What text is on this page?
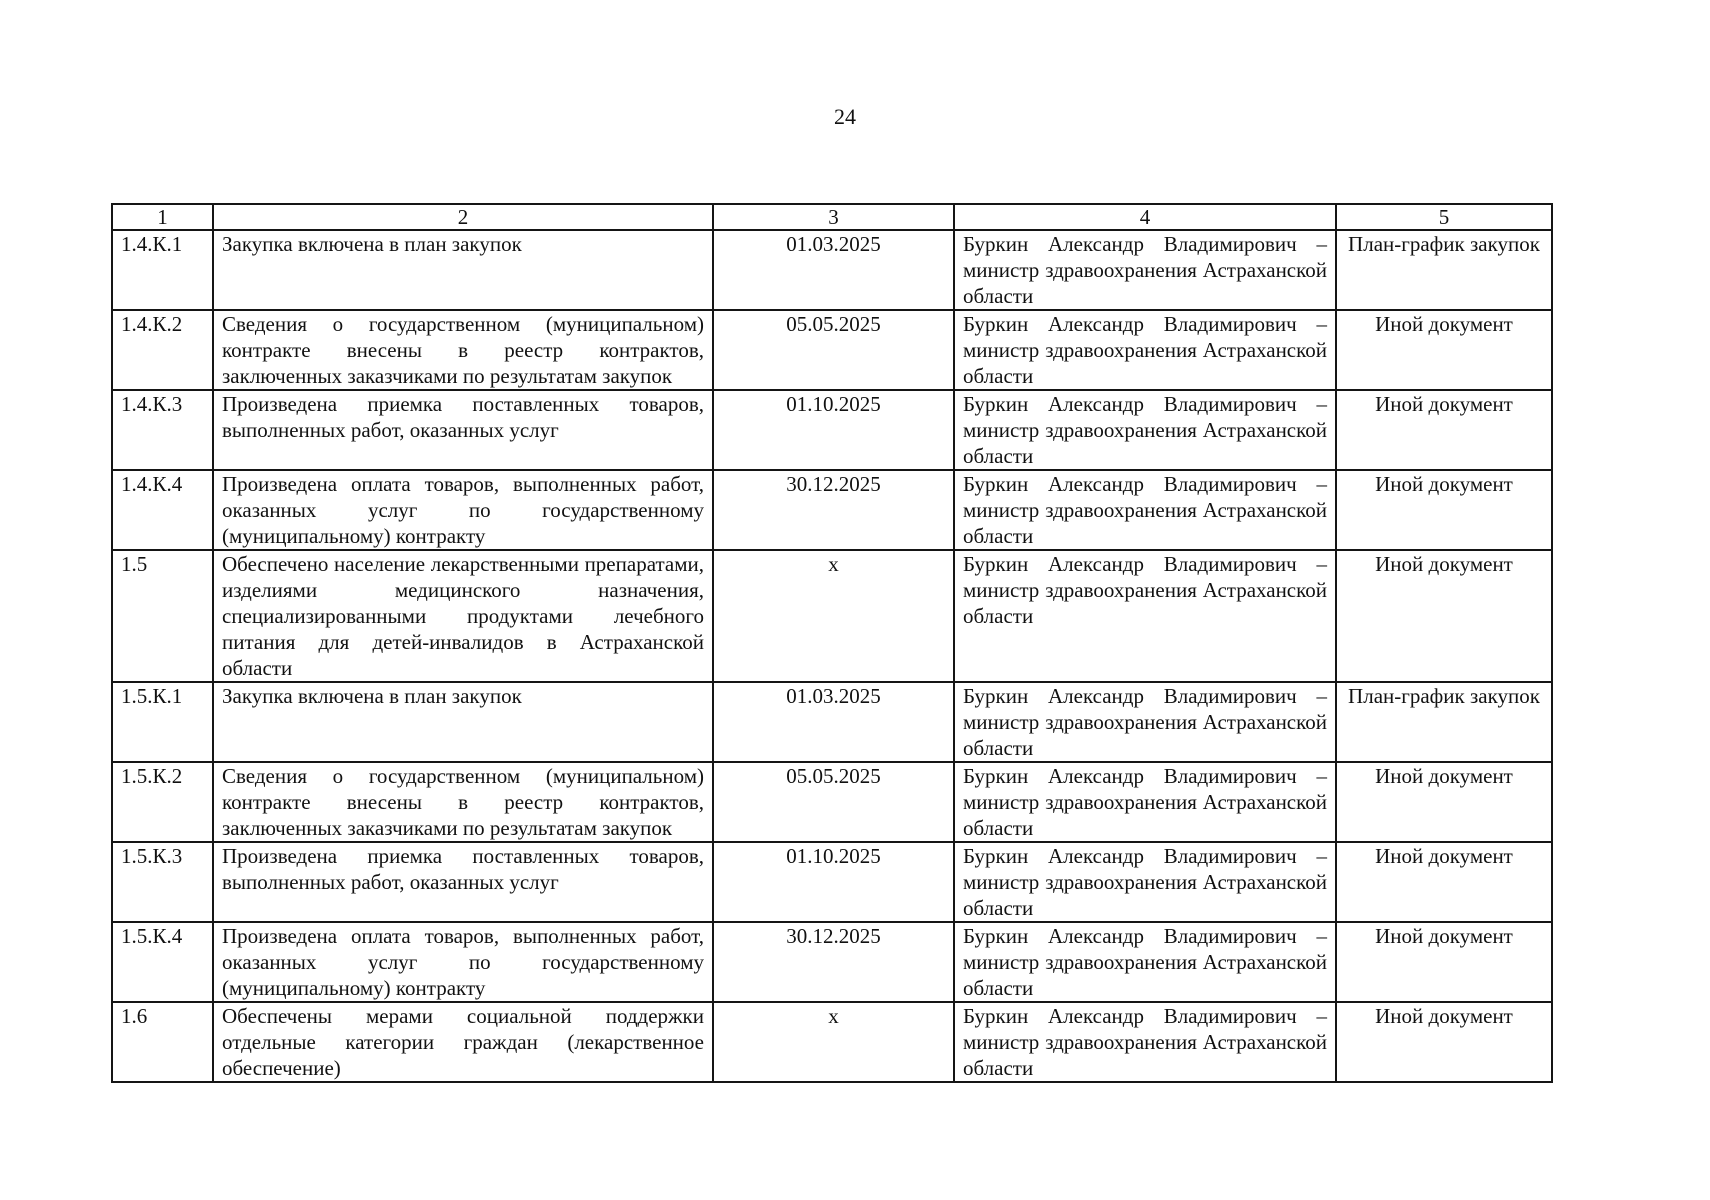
24
1	2	3	4	5
1.4.К.1	Закупка включена в план закупок	01.03.2025	Буркин Александр Владимирович – министр здравоохранения Астраханской области	План-график закупок
1.4.К.2	Сведения о государственном (муниципальном) контракте внесены в реестр контрактов, заключенных заказчиками по результатам закупок	05.05.2025	Буркин Александр Владимирович – министр здравоохранения Астраханской области	Иной документ
1.4.К.3	Произведена приемка поставленных товаров, выполненных работ, оказанных услуг	01.10.2025	Буркин Александр Владимирович – министр здравоохранения Астраханской области	Иной документ
1.4.К.4	Произведена оплата товаров, выполненных работ, оказанных услуг по государственному (муниципальному) контракту	30.12.2025	Буркин Александр Владимирович – министр здравоохранения Астраханской области	Иной документ
1.5	Обеспечено население лекарственными препаратами, изделиями медицинского назначения, специализированными продуктами лечебного питания для детей-инвалидов в Астраханской области	х	Буркин Александр Владимирович – министр здравоохранения Астраханской области	Иной документ
1.5.К.1	Закупка включена в план закупок	01.03.2025	Буркин Александр Владимирович – министр здравоохранения Астраханской области	План-график закупок
1.5.К.2	Сведения о государственном (муниципальном) контракте внесены в реестр контрактов, заключенных заказчиками по результатам закупок	05.05.2025	Буркин Александр Владимирович – министр здравоохранения Астраханской области	Иной документ
1.5.К.3	Произведена приемка поставленных товаров, выполненных работ, оказанных услуг	01.10.2025	Буркин Александр Владимирович – министр здравоохранения Астраханской области	Иной документ
1.5.К.4	Произведена оплата товаров, выполненных работ, оказанных услуг по государственному (муниципальному) контракту	30.12.2025	Буркин Александр Владимирович – министр здравоохранения Астраханской области	Иной документ
1.6	Обеспечены мерами социальной поддержки отдельные категории граждан (лекарственное обеспечение)	х	Буркин Александр Владимирович – министр здравоохранения Астраханской области	Иной документ
